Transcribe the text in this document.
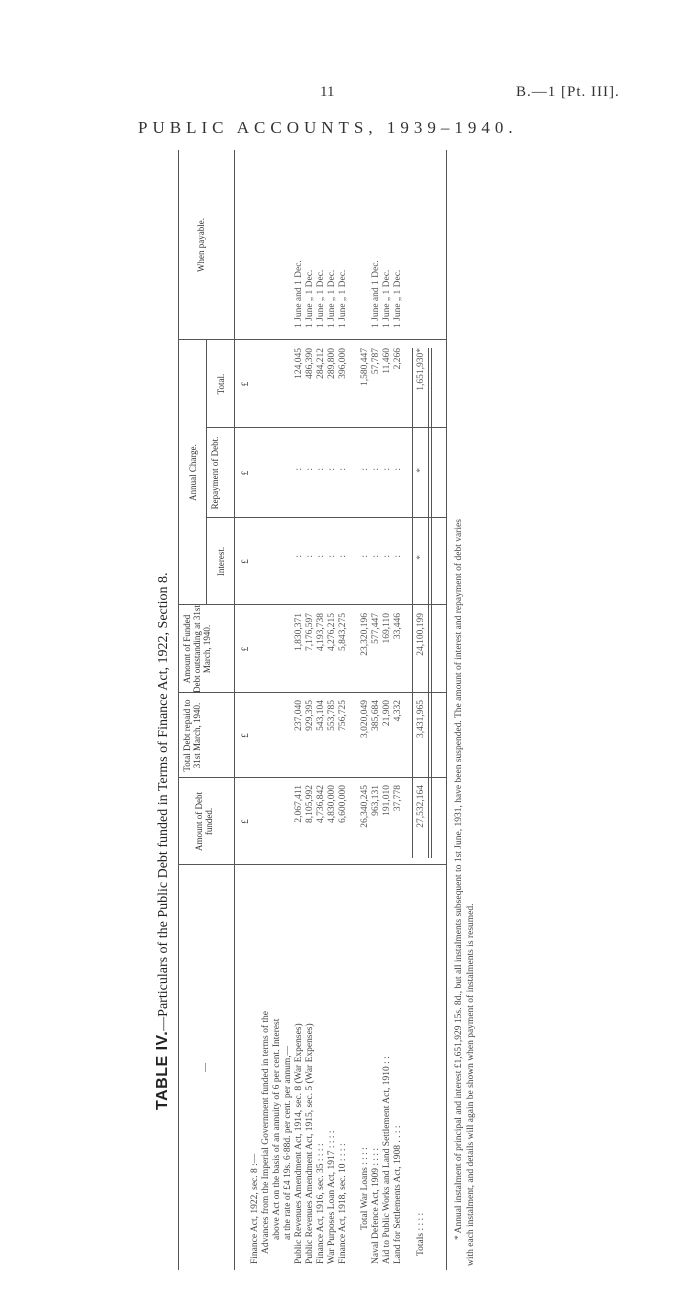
11	B.—1 [Pt. III].
PUBLIC ACCOUNTS, 1939–1940.
TABLE IV.—Particulars of the Public Debt funded in Terms of Finance Act, 1922, Section 8.
—
Amount of Debt funded.
Total Debt repaid to 31st March, 1940.
Amount of Funded Debt outstanding at 31st March, 1940.
Annual Charge.
Interest.
Repayment of Debt.
Total.
When payable.
£
£
£
£
£
£
Finance Act, 1922, sec. 8 :— Advances from the Imperial Government funded in terms of the above Act on the basis of an annuity of 6 per cent. Interest at the rate of £4 19s. 6·88d. per cent. per annum,— Public Revenues Amendment Act, 1914, sec. 8 (War Expenses)
2,067,411
237,040
1,830,371
:
:
124,045
1 June and 1 Dec.
Public Revenues Amendment Act, 1915, sec. 5 (War Expenses)
8,105,992
929,395
7,176,597
:
:
486,390
1 June „ 1 Dec.
Finance Act, 1916, sec. 35 : : : :
4,736,842
543,104
4,193,738
:
:
284,212
1 June „ 1 Dec.
War Purposes Loan Act, 1917 : : : :
4,830,000
553,785
4,276,215
:
:
289,800
1 June „ 1 Dec.
Finance Act, 1918, sec. 10 : : : :
6,600,000
756,725
5,843,275
:
:
396,000
1 June „ 1 Dec.
Total War Loans : : : :
26,340,245
3,020,049
23,320,196
:
:
1,580,447
Naval Defence Act, 1909 : : : :
963,131
385,684
577,447
:
:
57,787
1 June and 1 Dec.
Aid to Public Works and Land Settlement Act, 1910 : :
191,010
21,900
169,110
:
:
11,460
1 June „ 1 Dec.
Land for Settlements Act, 1908 . . : :
37,778
4,332
33,446
:
:
2,266
1 June „ 1 Dec.
Totals : : : :
27,532,164
3,431,965
24,100,199
*
*
1,651,930*
* Annual instalment of principal and interest £1,651,929 15s. 8d., but all instalments subsequent to 1st June, 1931, have been suspended. The amount of interest and repayment of debt varies with each instalment, and details will again be shown when payment of instalments is resumed.
